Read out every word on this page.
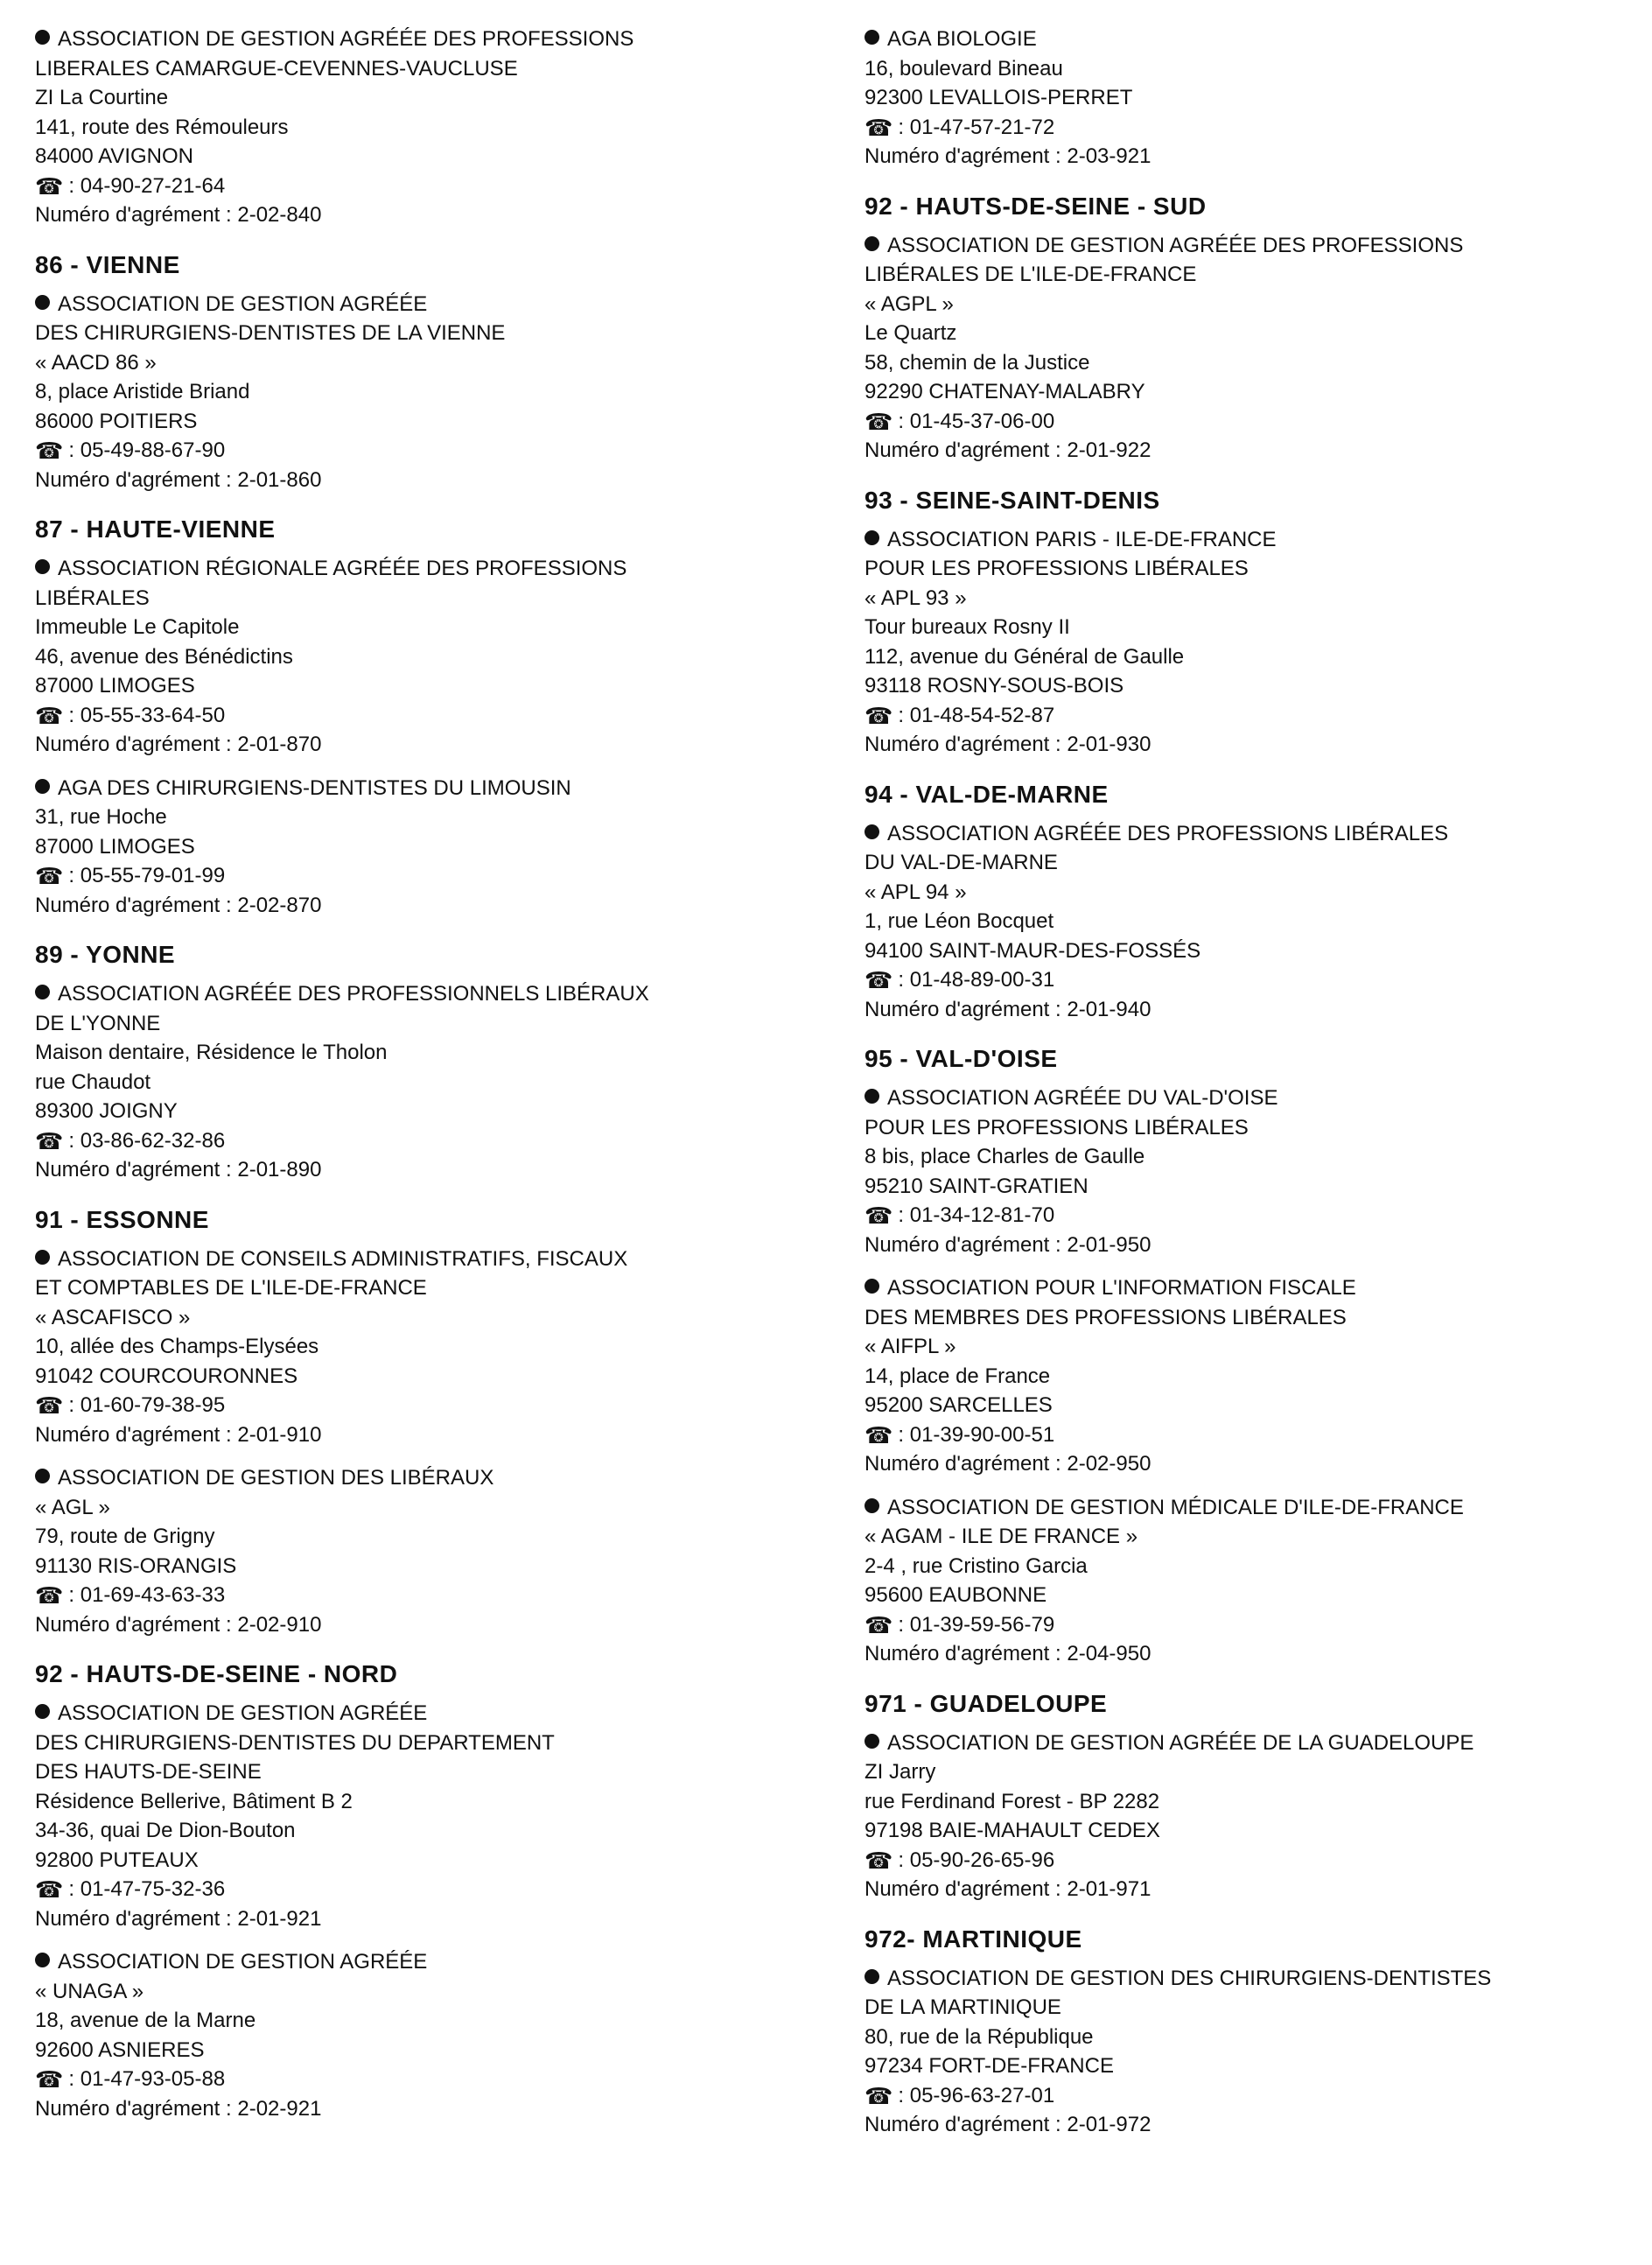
ASSOCIATION DE GESTION AGRÉÉE DES PROFESSIONS
LIBERALES CAMARGUE-CEVENNES-VAUCLUSE
ZI La Courtine
141, route des Rémouleurs
84000 AVIGNON
☎ : 04-90-27-21-64
Numéro d'agrément : 2-02-840
86 - VIENNE
ASSOCIATION DE GESTION AGRÉÉE
DES CHIRURGIENS-DENTISTES DE LA VIENNE
« AACD 86 »
8, place Aristide Briand
86000 POITIERS
☎ : 05-49-88-67-90
Numéro d'agrément : 2-01-860
87 - HAUTE-VIENNE
ASSOCIATION RÉGIONALE AGRÉÉE DES PROFESSIONS
LIBÉRALES
Immeuble Le Capitole
46, avenue des Bénédictins
87000 LIMOGES
☎ : 05-55-33-64-50
Numéro d'agrément : 2-01-870
AGA DES CHIRURGIENS-DENTISTES DU LIMOUSIN
31, rue Hoche
87000 LIMOGES
☎ : 05-55-79-01-99
Numéro d'agrément : 2-02-870
89 - YONNE
ASSOCIATION AGRÉÉE DES PROFESSIONNELS LIBÉRAUX
DE L'YONNE
Maison dentaire, Résidence le Tholon
rue Chaudot
89300 JOIGNY
☎ : 03-86-62-32-86
Numéro d'agrément : 2-01-890
91 - ESSONNE
ASSOCIATION DE CONSEILS ADMINISTRATIFS, FISCAUX
ET COMPTABLES DE L'ILE-DE-FRANCE
« ASCAFISCO »
10, allée des Champs-Elysées
91042 COURCOURONNES
☎ : 01-60-79-38-95
Numéro d'agrément : 2-01-910
ASSOCIATION DE GESTION DES LIBÉRAUX
« AGL »
79, route de Grigny
91130 RIS-ORANGIS
☎ : 01-69-43-63-33
Numéro d'agrément : 2-02-910
92 - HAUTS-DE-SEINE - NORD
ASSOCIATION DE GESTION AGRÉÉE
DES CHIRURGIENS-DENTISTES DU DEPARTEMENT
DES HAUTS-DE-SEINE
Résidence Bellerive, Bâtiment B 2
34-36, quai De Dion-Bouton
92800 PUTEAUX
☎ : 01-47-75-32-36
Numéro d'agrément : 2-01-921
ASSOCIATION DE GESTION AGRÉÉE
« UNAGA »
18, avenue de la Marne
92600 ASNIERES
☎ : 01-47-93-05-88
Numéro d'agrément : 2-02-921
AGA BIOLOGIE
16, boulevard Bineau
92300 LEVALLOIS-PERRET
☎ : 01-47-57-21-72
Numéro d'agrément : 2-03-921
92 - HAUTS-DE-SEINE - SUD
ASSOCIATION DE GESTION AGRÉÉE DES PROFESSIONS
LIBÉRALES DE L'ILE-DE-FRANCE
« AGPL »
Le Quartz
58, chemin de la Justice
92290 CHATENAY-MALABRY
☎ : 01-45-37-06-00
Numéro d'agrément : 2-01-922
93 - SEINE-SAINT-DENIS
ASSOCIATION PARIS - ILE-DE-FRANCE
POUR LES PROFESSIONS LIBÉRALES
« APL 93 »
Tour bureaux Rosny II
112, avenue du Général de Gaulle
93118 ROSNY-SOUS-BOIS
☎ : 01-48-54-52-87
Numéro d'agrément : 2-01-930
94 - VAL-DE-MARNE
ASSOCIATION AGRÉÉE DES PROFESSIONS LIBÉRALES
DU VAL-DE-MARNE
« APL 94 »
1, rue Léon Bocquet
94100 SAINT-MAUR-DES-FOSSÉS
☎ : 01-48-89-00-31
Numéro d'agrément : 2-01-940
95 - VAL-D'OISE
ASSOCIATION AGRÉÉE DU VAL-D'OISE
POUR LES PROFESSIONS LIBÉRALES
8 bis, place Charles de Gaulle
95210 SAINT-GRATIEN
☎ : 01-34-12-81-70
Numéro d'agrément : 2-01-950
ASSOCIATION POUR L'INFORMATION FISCALE
DES MEMBRES DES PROFESSIONS LIBÉRALES
« AIFPL »
14, place de France
95200 SARCELLES
☎ : 01-39-90-00-51
Numéro d'agrément : 2-02-950
ASSOCIATION DE GESTION MÉDICALE D'ILE-DE-FRANCE
« AGAM - ILE DE FRANCE »
2-4 , rue Cristino Garcia
95600 EAUBONNE
☎ : 01-39-59-56-79
Numéro d'agrément : 2-04-950
971 - GUADELOUPE
ASSOCIATION DE GESTION AGRÉÉE DE LA GUADELOUPE
ZI Jarry
rue Ferdinand Forest - BP 2282
97198 BAIE-MAHAULT CEDEX
☎ : 05-90-26-65-96
Numéro d'agrément : 2-01-971
972- MARTINIQUE
ASSOCIATION DE GESTION DES CHIRURGIENS-DENTISTES
DE LA MARTINIQUE
80, rue de la République
97234 FORT-DE-FRANCE
☎ : 05-96-63-27-01
Numéro d'agrément : 2-01-972
